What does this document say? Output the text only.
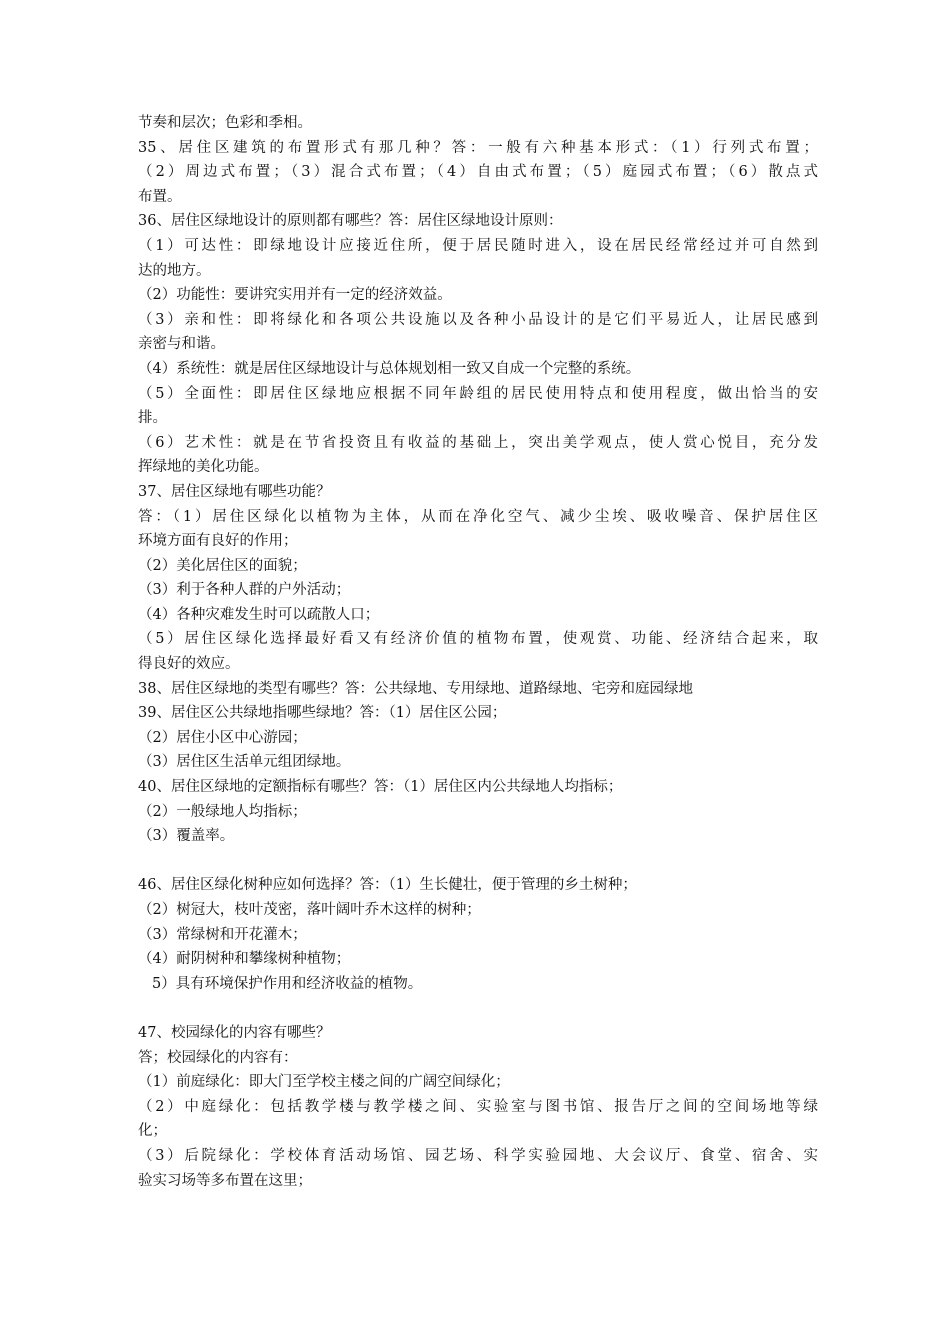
节奏和层次；色彩和季相。
35、居住区建筑的布置形式有那几种？答：一般有六种基本形式：（1）行列式布置；
（2）周边式布置；（3）混合式布置；（4）自由式布置；（5）庭园式布置；（6）散点式
布置。
36、居住区绿地设计的原则都有哪些？答：居住区绿地设计原则：
（1）可达性：即绿地设计应接近住所，便于居民随时进入，设在居民经常经过并可自然到
达的地方。
（2）功能性：要讲究实用并有一定的经济效益。
（3）亲和性：即将绿化和各项公共设施以及各种小品设计的是它们平易近人，让居民感到
亲密与和谐。
（4）系统性：就是居住区绿地设计与总体规划相一致又自成一个完整的系统。
（5）全面性：即居住区绿地应根据不同年龄组的居民使用特点和使用程度，做出恰当的安
排。
（6）艺术性：就是在节省投资且有收益的基础上，突出美学观点，使人赏心悦目，充分发
挥绿地的美化功能。
37、居住区绿地有哪些功能？
答：（1）居住区绿化以植物为主体，从而在净化空气、减少尘埃、吸收噪音、保护居住区
环境方面有良好的作用；
（2）美化居住区的面貌；
（3）利于各种人群的户外活动；
（4）各种灾难发生时可以疏散人口；
（5）居住区绿化选择最好看又有经济价值的植物布置，使观赏、功能、经济结合起来，取
得良好的效应。
38、居住区绿地的类型有哪些？答：公共绿地、专用绿地、道路绿地、宅旁和庭园绿地
39、居住区公共绿地指哪些绿地？答：（1）居住区公园；
（2）居住小区中心游园；
（3）居住区生活单元组团绿地。
40、居住区绿地的定额指标有哪些？答：（1）居住区内公共绿地人均指标；
（2）一般绿地人均指标；
（3）覆盖率。
46、居住区绿化树种应如何选择？答：（1）生长健壮，便于管理的乡土树种；
（2）树冠大，枝叶茂密，落叶阔叶乔木这样的树种；
（3）常绿树和开花灌木；
（4）耐阴树种和攀缘树种植物；
5）具有环境保护作用和经济收益的植物。
47、校园绿化的内容有哪些？
答；校园绿化的内容有：
（1）前庭绿化：即大门至学校主楼之间的广阔空间绿化；
（2）中庭绿化：包括教学楼与教学楼之间、实验室与图书馆、报告厅之间的空间场地等绿
化；
（3）后院绿化：学校体育活动场馆、园艺场、科学实验园地、大会议厅、食堂、宿舍、实
验实习场等多布置在这里；
